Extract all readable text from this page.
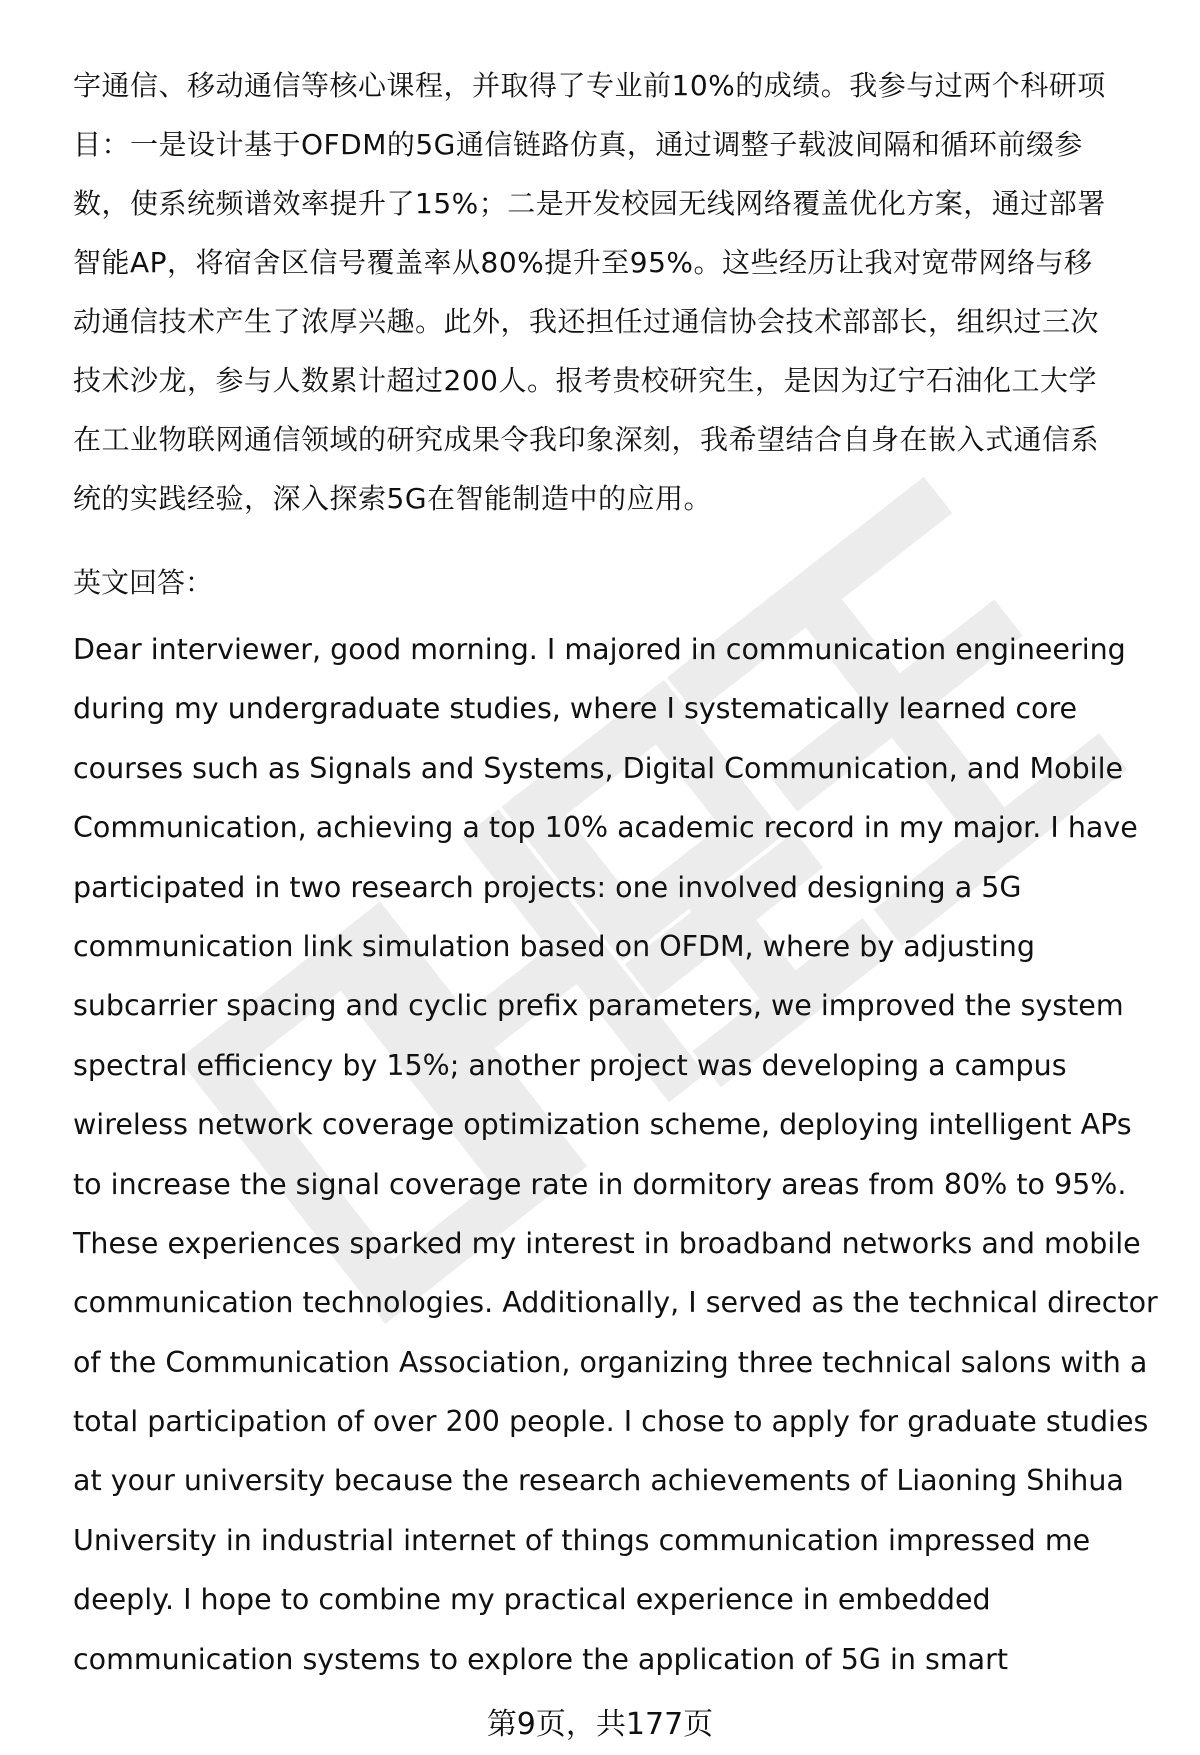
字通信、移动通信等核心课程，并取得了专业前10%的成绩。我参与过两个科研项
目：一是设计基于OFDM的5G通信链路仿真，通过调整子载波间隔和循环前缀参
数，使系统频谱效率提升了15%；二是开发校园无线网络覆盖优化方案，通过部署
智能AP，将宿舍区信号覆盖率从80%提升至95%。这些经历让我对宽带网络与移
动通信技术产生了浓厚兴趣。此外，我还担任过通信协会技术部部长，组织过三次
技术沙龙，参与人数累计超过200人。报考贵校研究生，是因为辽宁石油化工大学
在工业物联网通信领域的研究成果令我印象深刻，我希望结合自身在嵌入式通信系
统的实践经验，深入探索5G在智能制造中的应用。
英文回答：
Dear interviewer, good morning. I majored in communication engineering
during my undergraduate studies, where I systematically learned core
courses such as Signals and Systems, Digital Communication, and Mobile
Communication, achieving a top 10% academic record in my major. I have
participated in two research projects: one involved designing a 5G
communication link simulation based on OFDM, where by adjusting
subcarrier spacing and cyclic prefix parameters, we improved the system
spectral efficiency by 15%; another project was developing a campus
wireless network coverage optimization scheme, deploying intelligent APs
to increase the signal coverage rate in dormitory areas from 80% to 95%.
These experiences sparked my interest in broadband networks and mobile
communication technologies. Additionally, I served as the technical director
of the Communication Association, organizing three technical salons with a
total participation of over 200 people. I chose to apply for graduate studies
at your university because the research achievements of Liaoning Shihua
University in industrial internet of things communication impressed me
deeply. I hope to combine my practical experience in embedded
communication systems to explore the application of 5G in smart
第9页，共177页
